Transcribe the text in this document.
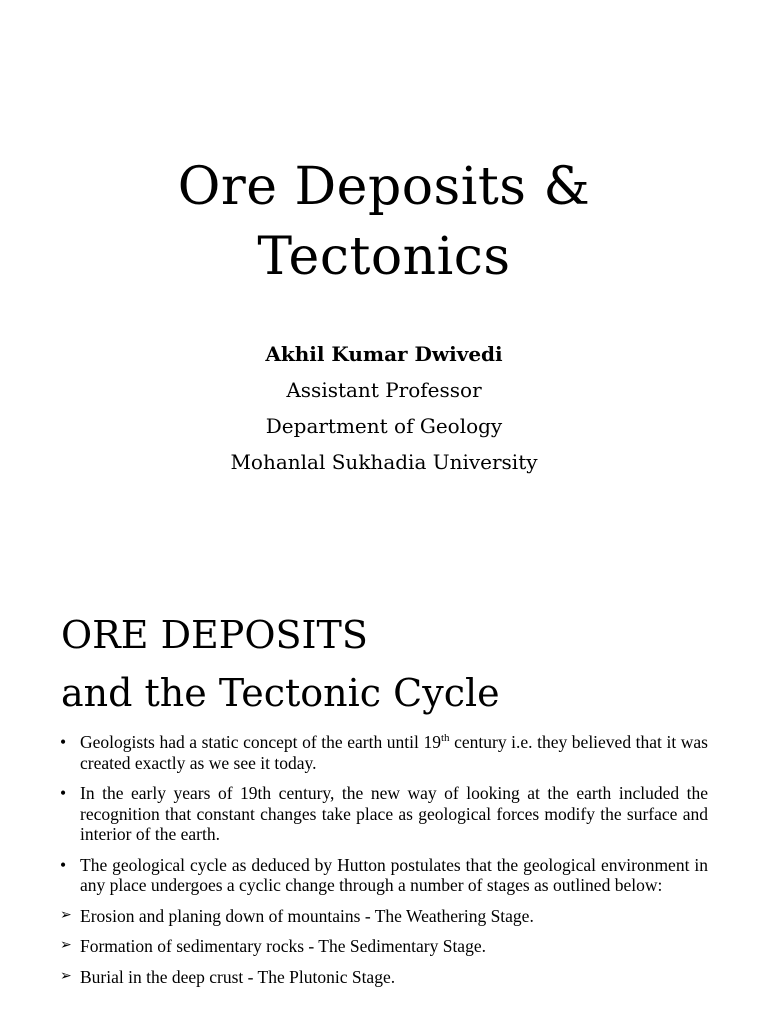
Ore Deposits &
Tectonics
Akhil Kumar Dwivedi
Assistant Professor
Department of Geology
Mohanlal Sukhadia University
ORE DEPOSITS
and the Tectonic Cycle
• Geologists had a static concept of the earth until 19th century i.e. they believed that it was created exactly as we see it today.
• In the early years of 19th century, the new way of looking at the earth included the recognition that constant changes take place as geological forces modify the surface and interior of the earth.
• The geological cycle as deduced by Hutton postulates that the geological environment in any place undergoes a cyclic change through a number of stages as outlined below:
➢ Erosion and planing down of mountains - The Weathering Stage.
➢ Formation of sedimentary rocks - The Sedimentary Stage.
➢ Burial in the deep crust - The Plutonic Stage.
